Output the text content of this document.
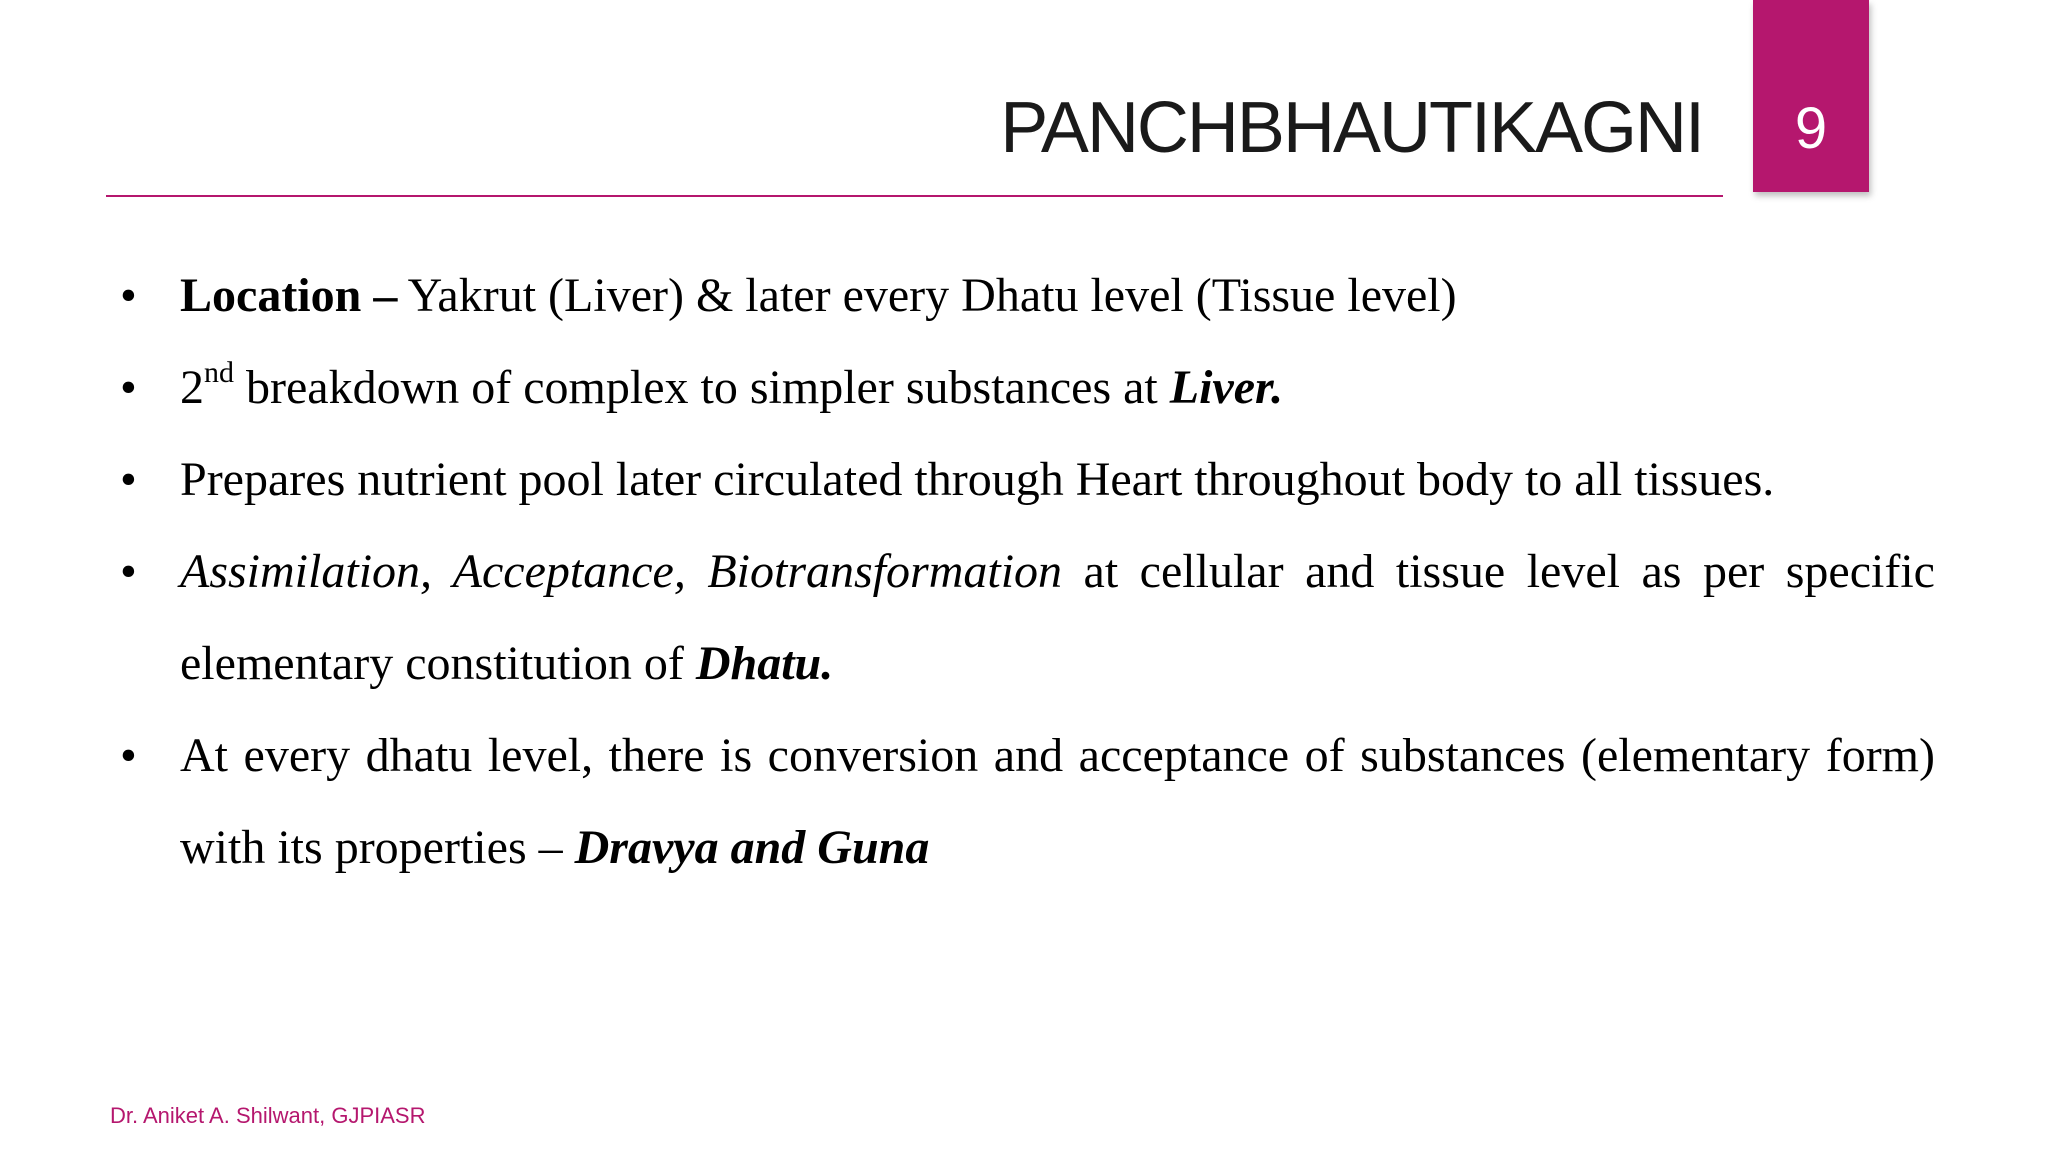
PANCHBHAUTIKAGNI	9
• Location – Yakrut (Liver) & later every Dhatu level (Tissue level)
• 2nd breakdown of complex to simpler substances at Liver.
• Prepares nutrient pool later circulated through Heart throughout body to all tissues.
• Assimilation, Acceptance, Biotransformation at cellular and tissue level as per specific elementary constitution of Dhatu.
• At every dhatu level, there is conversion and acceptance of substances (elementary form) with its properties – Dravya and Guna
Dr. Aniket A. Shilwant, GJPIASR
